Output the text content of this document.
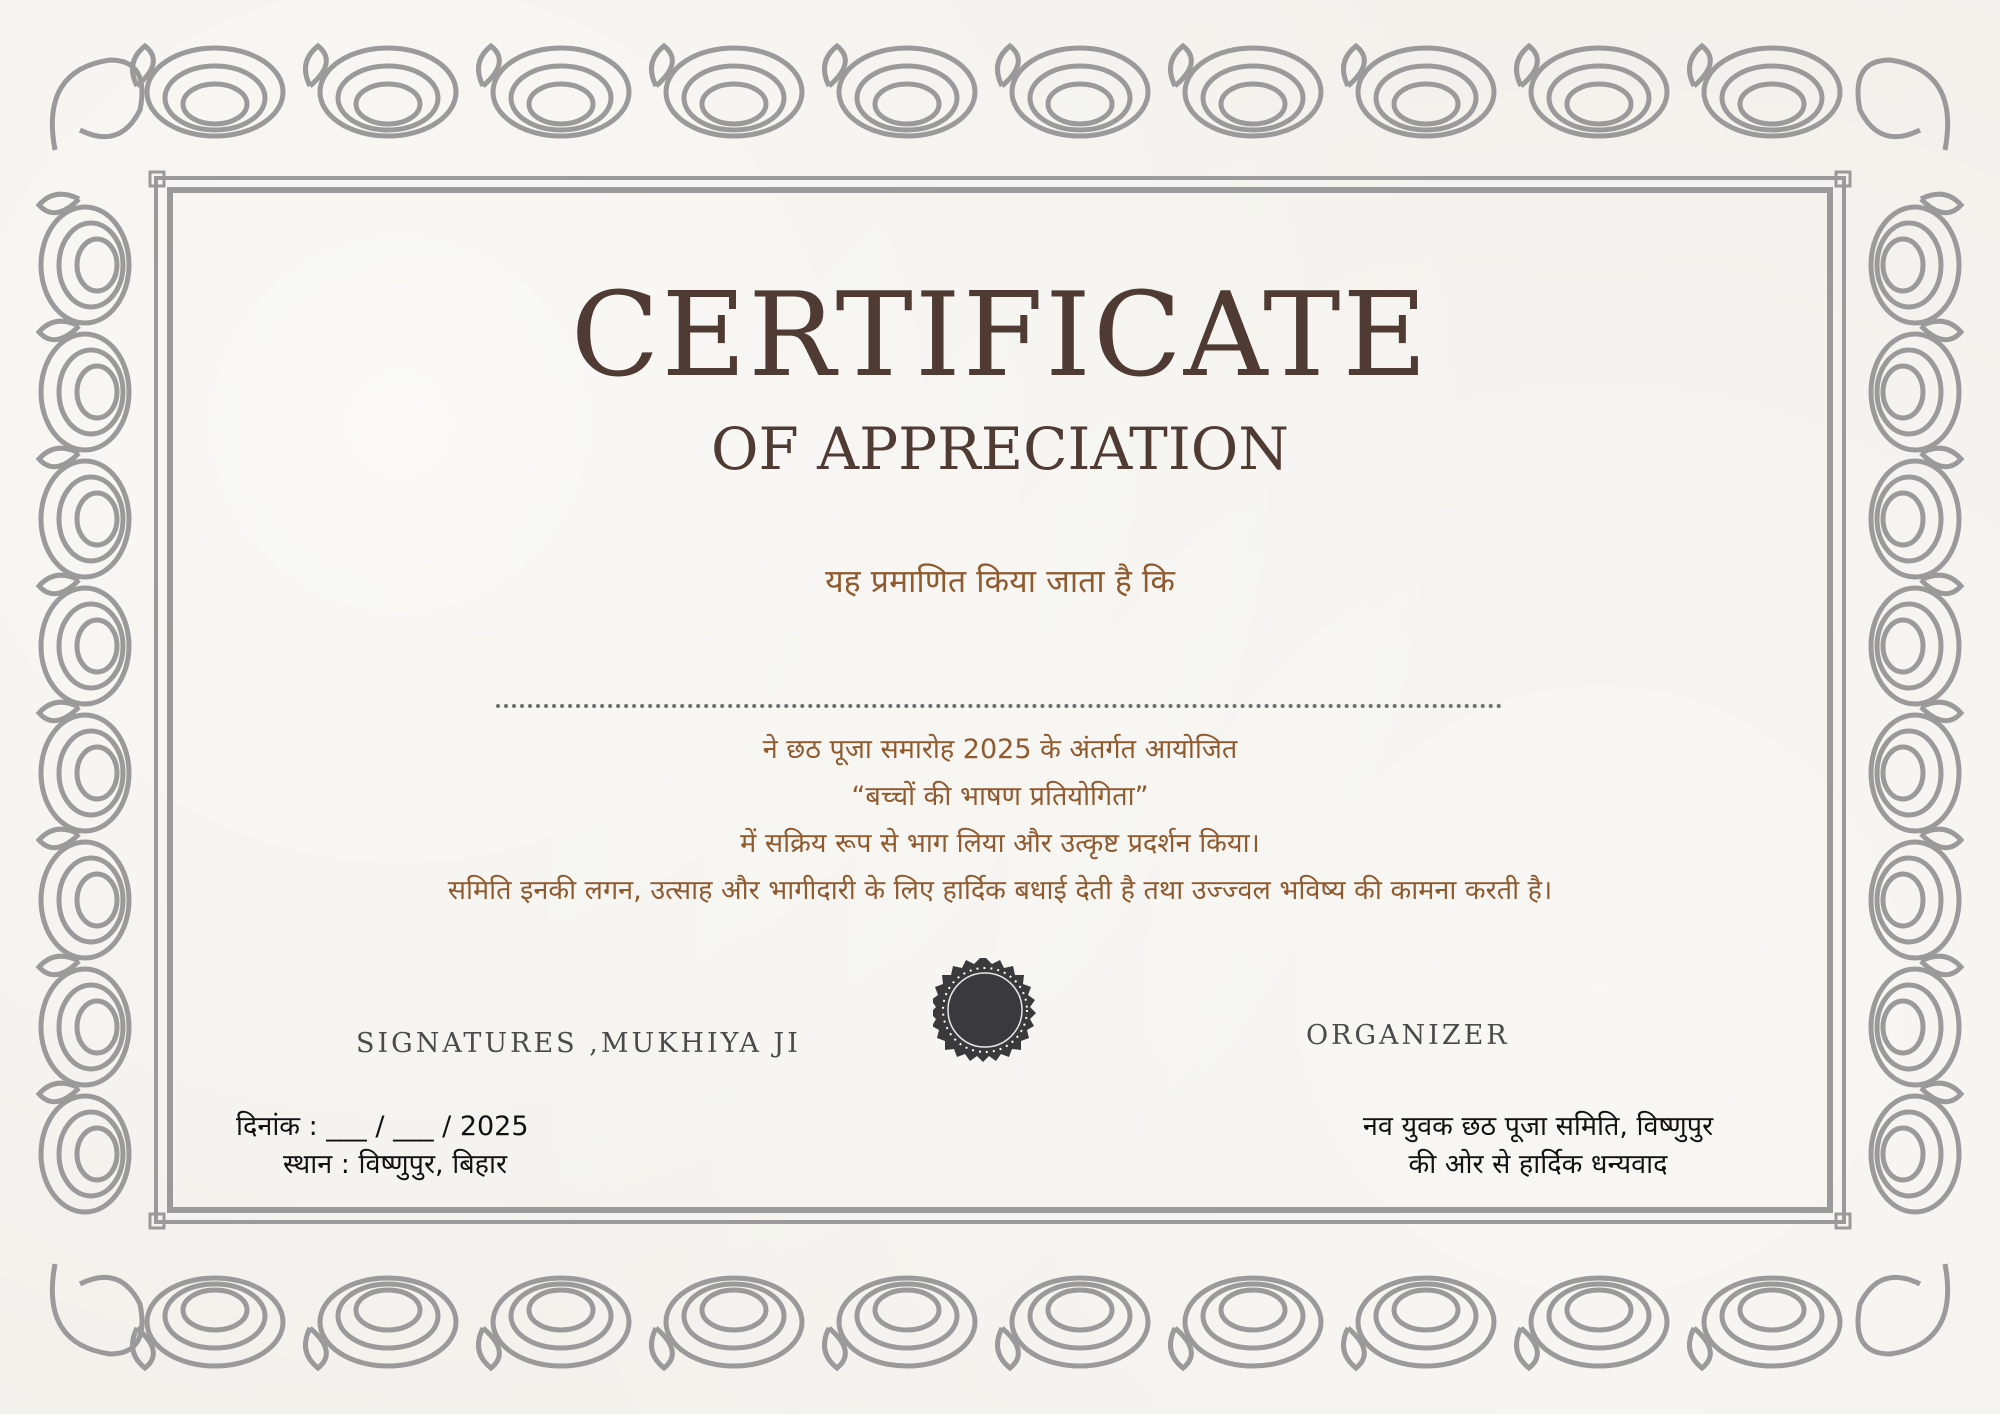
CERTIFICATE
OF APPRECIATION
यह प्रमाणित किया जाता है कि
ने छठ पूजा समारोह 2025 के अंतर्गत आयोजित
“बच्चों की भाषण प्रतियोगिता”
में सक्रिय रूप से भाग लिया और उत्कृष्ट प्रदर्शन किया।
समिति इनकी लगन, उत्साह और भागीदारी के लिए हार्दिक बधाई देती है तथा उज्ज्वल भविष्य की कामना करती है।
SIGNATURES ,MUKHIYA JI	ORGANIZER
दिनांक : ___ / ___ / 2025
स्थान : विष्णुपुर, बिहार
नव युवक छठ पूजा समिति, विष्णुपुर
की ओर से हार्दिक धन्यवाद
